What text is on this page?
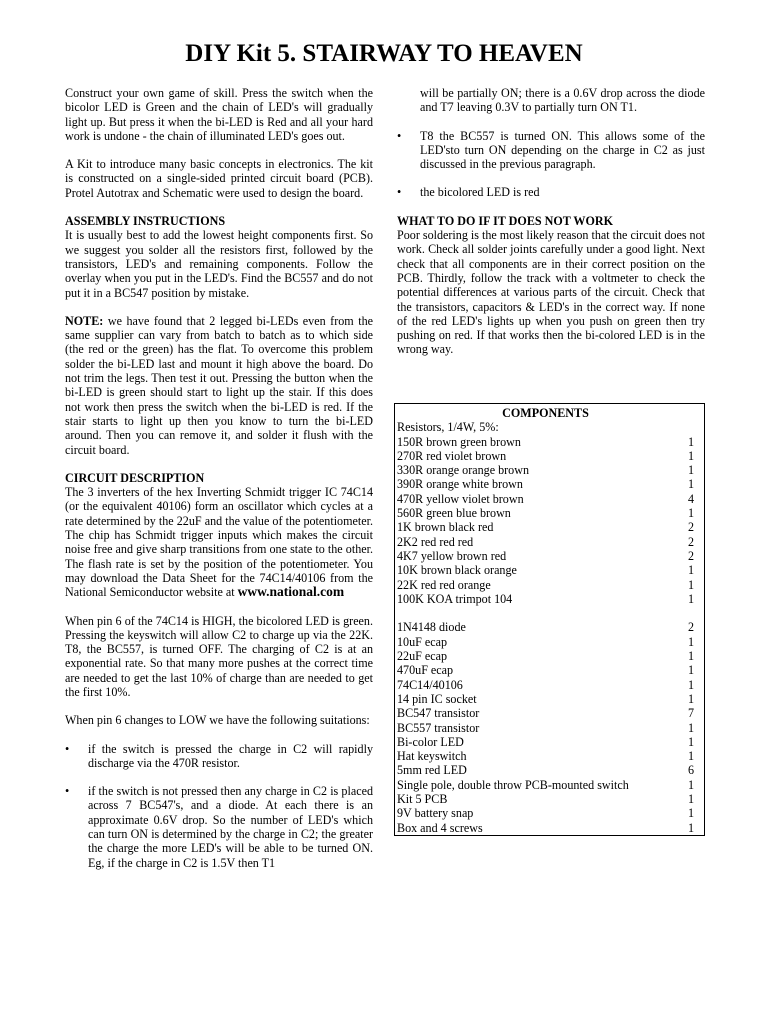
DIY Kit 5. STAIRWAY TO HEAVEN

Construct your own game of skill. Press the switch when the bicolor LED is Green and the chain of LED's will gradually light up. But press it when the bi-LED is Red and all your hard work is undone - the chain of illuminated LED's goes out.

A Kit to introduce many basic concepts in electronics. The kit is constructed on a single-sided printed circuit board (PCB). Protel Autotrax and Schematic were used to design the board.

ASSEMBLY INSTRUCTIONS

It is usually best to add the lowest height components first. So we suggest you solder all the resistors first, followed by the transistors, LED's and remaining components. Follow the overlay when you put in the LED's. Find the BC557 and do not put it in a BC547 position by mistake.

NOTE: we have found that 2 legged bi-LEDs even from the same supplier can vary from batch to batch as to which side (the red or the green) has the flat. To overcome this problem solder the bi-LED last and mount it high above the board. Do not trim the legs. Then test it out. Pressing the button when the bi-LED is green should start to light up the stair. If this does not work then press the switch when the bi-LED is red. If the stair starts to light up then you know to turn the bi-LED around. Then you can remove it, and solder it flush with the circuit board.

CIRCUIT DESCRIPTION

The 3 inverters of the hex Inverting Schmidt trigger IC 74C14 (or the equivalent 40106) form an oscillator which cycles at a rate determined by the 22uF and the value of the potentiometer. The chip has Schmidt trigger inputs which makes the circuit noise free and give sharp transitions from one state to the other. The flash rate is set by the position of the potentiometer. You may download the Data Sheet for the 74C14/40106 from the National Semiconductor website at www.national.com

When pin 6 of the 74C14 is HIGH, the bicolored LED is green. Pressing the keyswitch will allow C2 to charge up via the 22K. T8, the BC557, is turned OFF. The charging of C2 is at an exponential rate. So that many more pushes at the correct time are needed to get the last 10% of charge than are needed to get the first 10%.

When pin 6 changes to LOW we have the following suitations:

• if the switch is pressed the charge in C2 will rapidly discharge via the 470R resistor.

• if the switch is not pressed then any charge in C2 is placed across 7 BC547's, and a diode. At each there is an approximate 0.6V drop. So the number of LED's which can turn ON is determined by the charge in C2; the greater the charge the more LED's will be able to be turned ON. Eg, if the charge in C2 is 1.5V then T1

will be partially ON; there is a 0.6V drop across the diode and T7 leaving 0.3V to partially turn ON T1.

• T8 the BC557 is turned ON. This allows some of the LED'sto turn ON depending on the charge in C2 as just discussed in the previous paragraph.

• the bicolored LED is red

WHAT TO DO IF IT DOES NOT WORK

Poor soldering is the most likely reason that the circuit does not work. Check all solder joints carefully under a good light. Next check that all components are in their correct position on the PCB. Thirdly, follow the track with a voltmeter to check the potential differences at various parts of the circuit. Check that the transistors, capacitors & LED's in the correct way. If none of the red LED's lights up when you push on green then try pushing on red. If that works then the bi-colored LED is in the wrong way.

COMPONENTS
Resistors, 1/4W, 5%:
150R brown green brown	1
270R red violet brown	1
330R orange orange brown	1
390R orange white brown	1
470R yellow violet brown	4
560R green blue brown	1
1K brown black red	2
2K2 red red red	2
4K7 yellow brown red	2
10K brown black orange	1
22K red red orange	1
100K KOA trimpot 104	1
1N4148 diode	2
10uF ecap	1
22uF ecap	1
470uF ecap	1
74C14/40106	1
14 pin IC socket	1
BC547 transistor	7
BC557 transistor	1
Bi-color LED	1
Hat keyswitch	1
5mm red LED	6
Single pole, double throw PCB-mounted switch	1
Kit 5 PCB	1
9V battery snap	1
Box and 4 screws	1
